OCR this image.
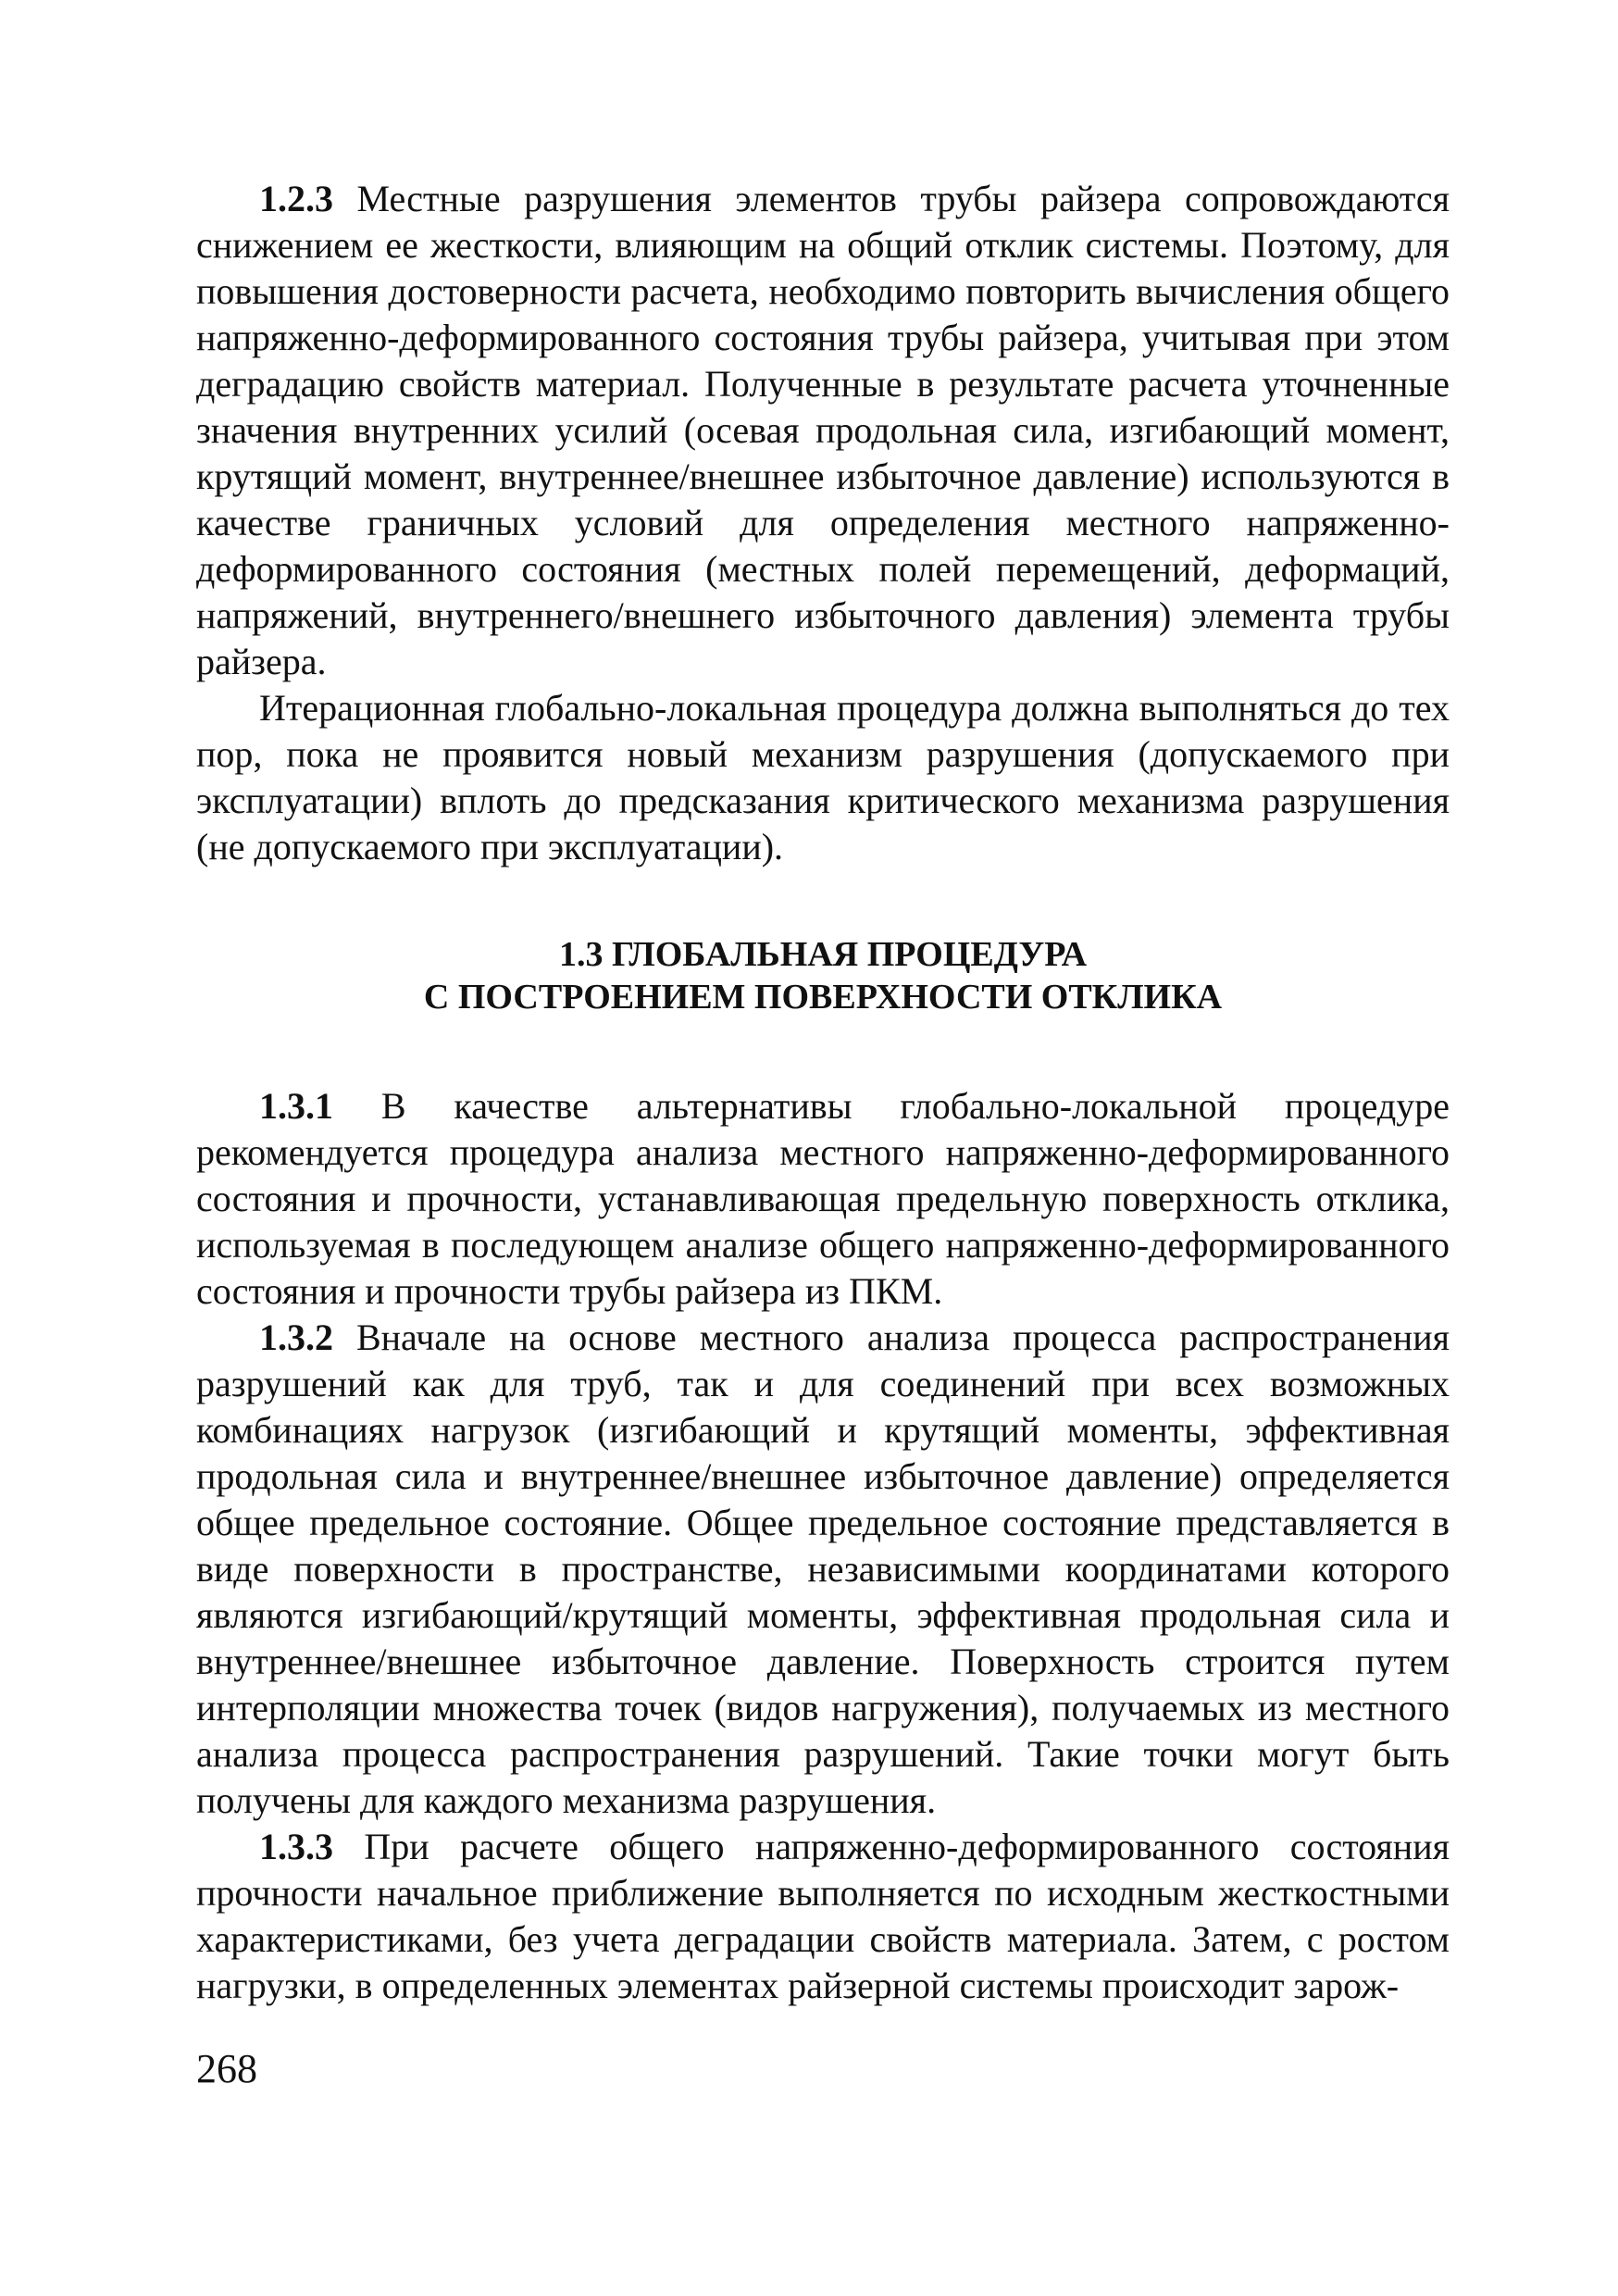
1.2.3 Местные разрушения элементов трубы райзера сопровождаются снижением ее жесткости, влияющим на общий отклик системы. Поэтому, для повышения достоверности расчета, необходимо повторить вычисления общего напряженно-деформированного состояния трубы райзера, учитывая при этом деградацию свойств материал. Полученные в результате расчета уточненные значения внутренних усилий (осевая продольная сила, изгибающий момент, крутящий момент, внутреннее/внешнее избыточное давление) используются в качестве граничных условий для определения местного напряженно-деформированного состояния (местных полей перемещений, деформаций, напряжений, внутреннего/внешнего избыточного давления) элемента трубы райзера.

Итерационная глобально-локальная процедура должна выполняться до тех пор, пока не проявится новый механизм разрушения (допускаемого при эксплуатации) вплоть до предсказания критического механизма разрушения (не допускаемого при эксплуатации).

1.3 ГЛОБАЛЬНАЯ ПРОЦЕДУРА
С ПОСТРОЕНИЕМ ПОВЕРХНОСТИ ОТКЛИКА

1.3.1 В качестве альтернативы глобально-локальной процедуре рекомендуется процедура анализа местного напряженно-деформированного состояния и прочности, устанавливающая предельную поверхность отклика, используемая в последующем анализе общего напряженно-деформированного состояния и прочности трубы райзера из ПКМ.

1.3.2 Вначале на основе местного анализа процесса распространения разрушений как для труб, так и для соединений при всех возможных комбинациях нагрузок (изгибающий и крутящий моменты, эффективная продольная сила и внутреннее/внешнее избыточное давление) определяется общее предельное состояние. Общее предельное состояние представляется в виде поверхности в пространстве, независимыми координатами которого являются изгибающий/крутящий моменты, эффективная продольная сила и внутреннее/внешнее избыточное давление. Поверхность строится путем интерполяции множества точек (видов нагружения), получаемых из местного анализа процесса распространения разрушений. Такие точки могут быть получены для каждого механизма разрушения.

1.3.3 При расчете общего напряженно-деформированного состояния прочности начальное приближение выполняется по исходным жесткостными характеристиками, без учета деградации свойств материала. Затем, с ростом нагрузки, в определенных элементах райзерной системы происходит зарож-

268
